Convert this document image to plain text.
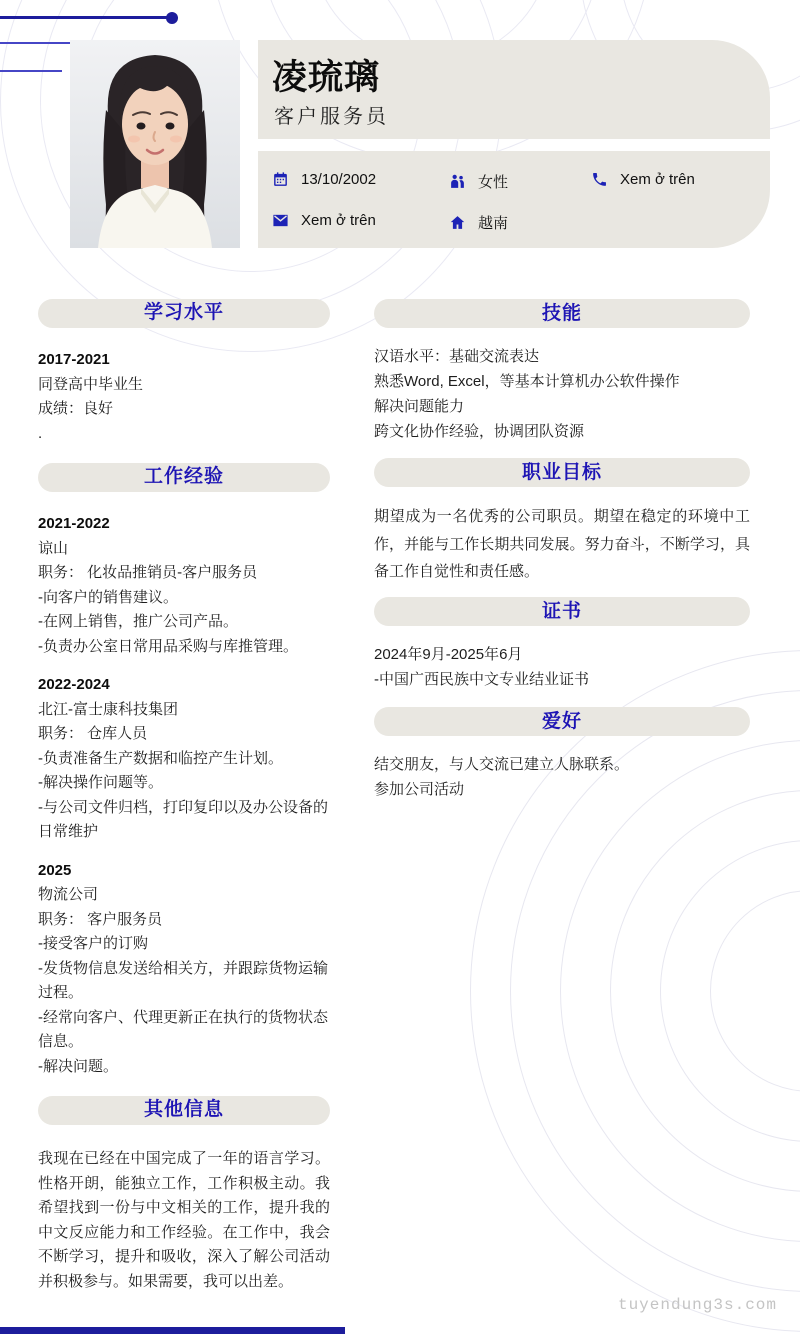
凌琉璃
客户服务员
13/10/2002	女性	Xem ở trên
Xem ở trên	越南
学习水平
2017-2021
同登高中毕业生
成绩：良好
.
工作经验
2021-2022
谅山
职务： 化妆品推销员-客户服务员
-向客户的销售建议。
-在网上销售，推广公司产品。
-负责办公室日常用品采购与库推管理。
2022-2024
北江-富士康科技集团
职务： 仓库人员
-负责准备生产数据和临控产生计划。
-解决操作问题等。
-与公司文件归档，打印复印以及办公设备的日常维护
2025
物流公司
职务： 客户服务员
-接受客户的订购
-发货物信息发送给相关方，并跟踪货物运输过程。
-经常向客户、代理更新正在执行的货物状态信息。
-解决问题。
其他信息
我现在已经在中国完成了一年的语言学习。性格开朗，能独立工作，工作积极主动。我希望找到一份与中文相关的工作，提升我的中文反应能力和工作经验。在工作中，我会不断学习，提升和吸收，深入了解公司活动并积极参与。如果需要，我可以出差。
技能
汉语水平：基础交流表达
熟悉Word, Excel，等基本计算机办公软件操作
解决问题能力
跨文化协作经验，协调团队资源
职业目标
期望成为一名优秀的公司职员。期望在稳定的环境中工作，并能与工作长期共同发展。努力奋斗，不断学习，具备工作自觉性和责任感。
证书
2024年9月-2025年6月
-中国广西民族中文专业结业证书
爱好
结交朋友，与人交流已建立人脉联系。
参加公司活动
tuyendung3s.com
